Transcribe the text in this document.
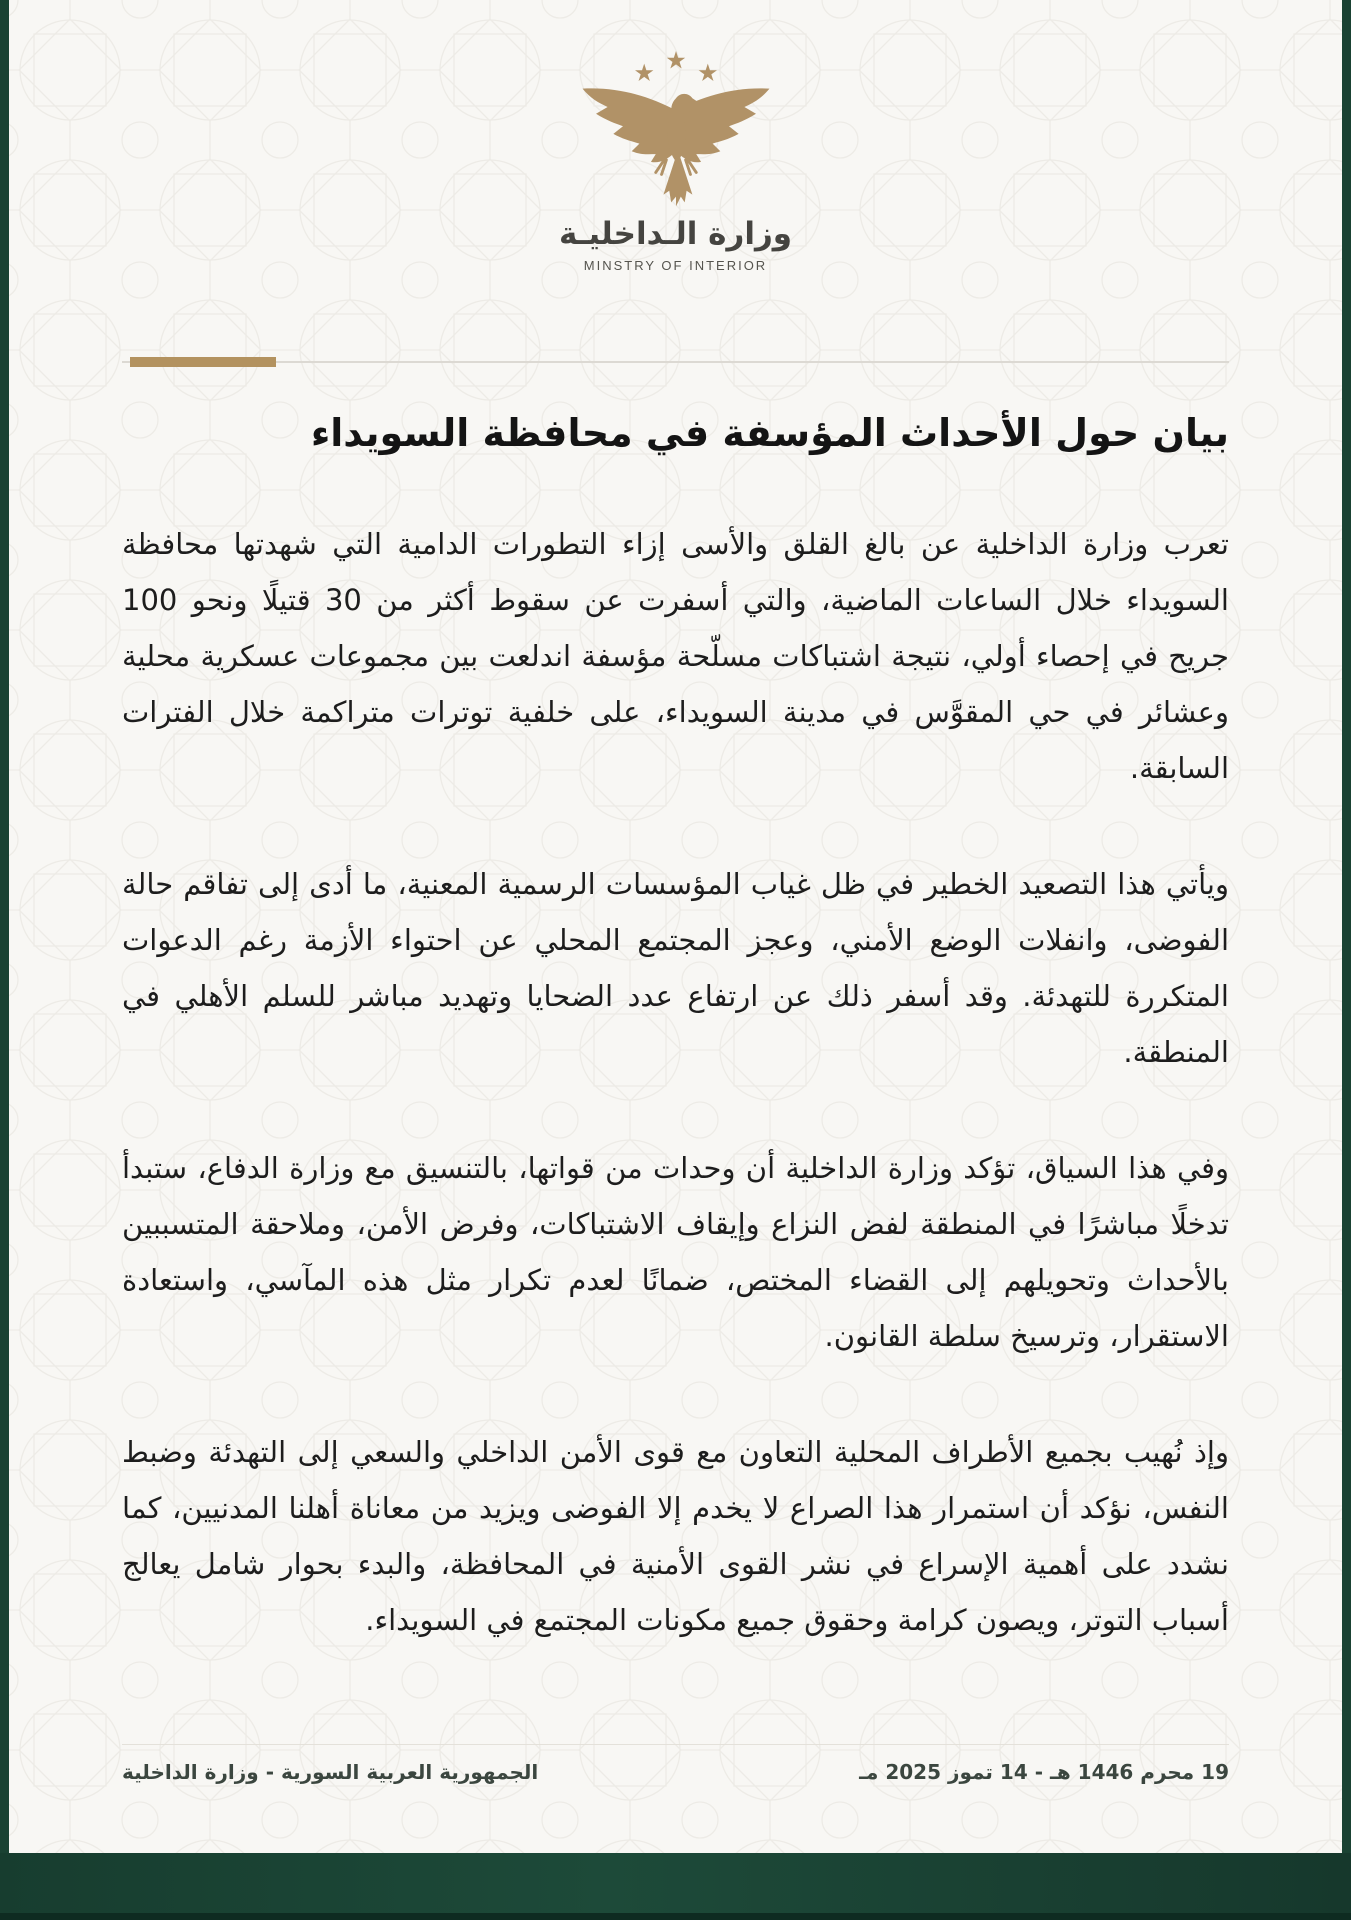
وزارة الـداخليـة
MINSTRY OF INTERIOR
بيان حول الأحداث المؤسفة في محافظة السويداء

تعرب وزارة الداخلية عن بالغ القلق والأسى إزاء التطورات الدامية التي شهدتها محافظة السويداء خلال الساعات الماضية، والتي أسفرت عن سقوط أكثر من 30 قتيلًا ونحو 100 جريح في إحصاء أولي، نتيجة اشتباكات مسلّحة مؤسفة اندلعت بين مجموعات عسكرية محلية وعشائر في حي المقوَّس في مدينة السويداء، على خلفية توترات متراكمة خلال الفترات السابقة.

ويأتي هذا التصعيد الخطير في ظل غياب المؤسسات الرسمية المعنية، ما أدى إلى تفاقم حالة الفوضى، وانفلات الوضع الأمني، وعجز المجتمع المحلي عن احتواء الأزمة رغم الدعوات المتكررة للتهدئة. وقد أسفر ذلك عن ارتفاع عدد الضحايا وتهديد مباشر للسلم الأهلي في المنطقة.

وفي هذا السياق، تؤكد وزارة الداخلية أن وحدات من قواتها، بالتنسيق مع وزارة الدفاع، ستبدأ تدخلًا مباشرًا في المنطقة لفض النزاع وإيقاف الاشتباكات، وفرض الأمن، وملاحقة المتسببين بالأحداث وتحويلهم إلى القضاء المختص، ضمانًا لعدم تكرار مثل هذه المآسي، واستعادة الاستقرار، وترسيخ سلطة القانون.

وإذ نُهيب بجميع الأطراف المحلية التعاون مع قوى الأمن الداخلي والسعي إلى التهدئة وضبط النفس، نؤكد أن استمرار هذا الصراع لا يخدم إلا الفوضى ويزيد من معاناة أهلنا المدنيين، كما نشدد على أهمية الإسراع في نشر القوى الأمنية في المحافظة، والبدء بحوار شامل يعالج أسباب التوتر، ويصون كرامة وحقوق جميع مكونات المجتمع في السويداء.

الجمهورية العربية السورية - وزارة الداخلية	19 محرم 1446 هـ - 14 تموز 2025 مـ
